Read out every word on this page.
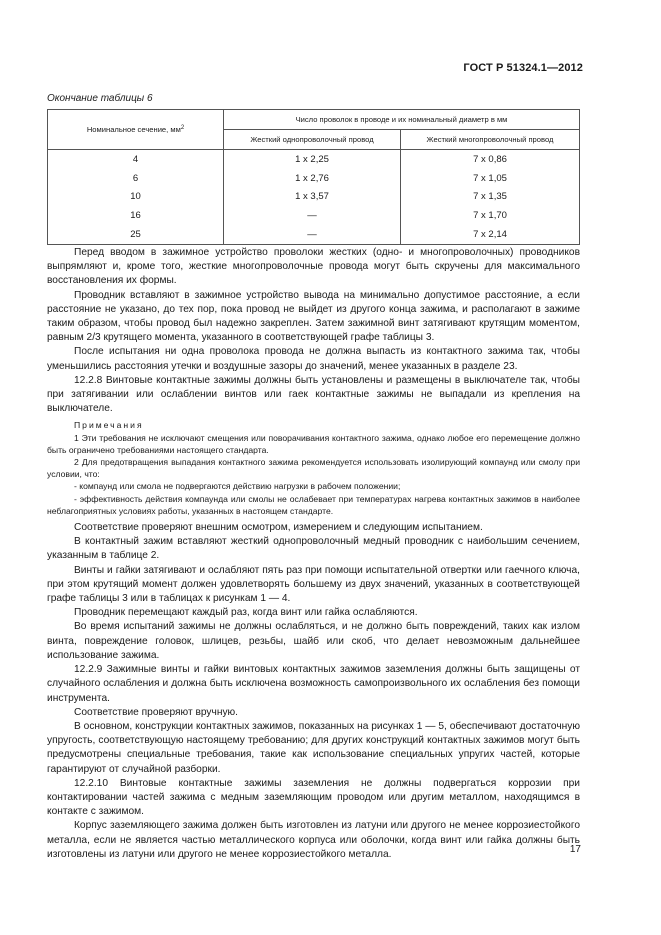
ГОСТ Р 51324.1—2012
Окончание таблицы 6
Номинальное сечение, $мм^2$	Число проволок в проводе и их номинальный диаметр в мм	
	Жесткий однопроволочный провод	Жесткий многопроволочный провод
4	1 x 2,25	7 x 0,86
6	1 x 2,76	7 x 1,05
10	1 x 3,57	7 x 1,35
16	—	7 x 1,70
25	—	7 x 2,14

Перед вводом в зажимное устройство проволоки жестких (одно- и многопроволочных) проводников выпрямляют и, кроме того, жесткие многопроволочные провода могут быть скручены для максимального восстановления их формы.

Проводник вставляют в зажимное устройство вывода на минимально допустимое расстояние, а если расстояние не указано, до тех пор, пока провод не выйдет из другого конца зажима, и располагают в зажиме таким образом, чтобы провод был надежно закреплен. Затем зажимной винт затягивают крутящим моментом, равным 2/3 крутящего момента, указанного в соответствующей графе таблицы 3.

После испытания ни одна проволока провода не должна выпасть из контактного зажима так, чтобы уменьшились расстояния утечки и воздушные зазоры до значений, менее указанных в разделе 23.

12.2.8 Винтовые контактные зажимы должны быть установлены и размещены в выключателе так, чтобы при затягивании или ослаблении винтов или гаек контактные зажимы не выпадали из крепления на выключателе.

Примечания

1 Эти требования не исключают смещения или поворачивания контактного зажима, однако любое его перемещение должно быть ограничено требованиями настоящего стандарта.

2 Для предотвращения выпадания контактного зажима рекомендуется использовать изолирующий компаунд или смолу при условии, что:

- компаунд или смола не подвергаются действию нагрузки в рабочем положении;

- эффективность действия компаунда или смолы не ослабевает при температурах нагрева контактных зажимов в наиболее неблагоприятных условиях работы, указанных в настоящем стандарте.

Соответствие проверяют внешним осмотром, измерением и следующим испытанием.

В контактный зажим вставляют жесткий однопроволочный медный проводник с наибольшим сечением, указанным в таблице 2.

Винты и гайки затягивают и ослабляют пять раз при помощи испытательной отвертки или гаечного ключа, при этом крутящий момент должен удовлетворять большему из двух значений, указанных в соответствующей графе таблицы 3 или в таблицах к рисункам 1 — 4.

Проводник перемещают каждый раз, когда винт или гайка ослабляются.

Во время испытаний зажимы не должны ослабляться, и не должно быть повреждений, таких как излом винта, повреждение головок, шлицев, резьбы, шайб или скоб, что делает невозможным дальнейшее использование зажима.

12.2.9 Зажимные винты и гайки винтовых контактных зажимов заземления должны быть защищены от случайного ослабления и должна быть исключена возможность самопроизвольного их ослабления без помощи инструмента.

Соответствие проверяют вручную.

В основном, конструкции контактных зажимов, показанных на рисунках 1 — 5, обеспечивают достаточную упругость, соответствующую настоящему требованию; для других конструкций контактных зажимов могут быть предусмотрены специальные требования, такие как использование специальных упругих частей, которые гарантируют от случайной разборки.

12.2.10 Винтовые контактные зажимы заземления не должны подвергаться коррозии при контактировании частей зажима с медным заземляющим проводом или другим металлом, находящимся в контакте с зажимом.

Корпус заземляющего зажима должен быть изготовлен из латуни или другого не менее коррозиестойкого металла, если не является частью металлического корпуса или оболочки, когда винт или гайка должны быть изготовлены из латуни или другого не менее коррозиестойкого металла.	17
